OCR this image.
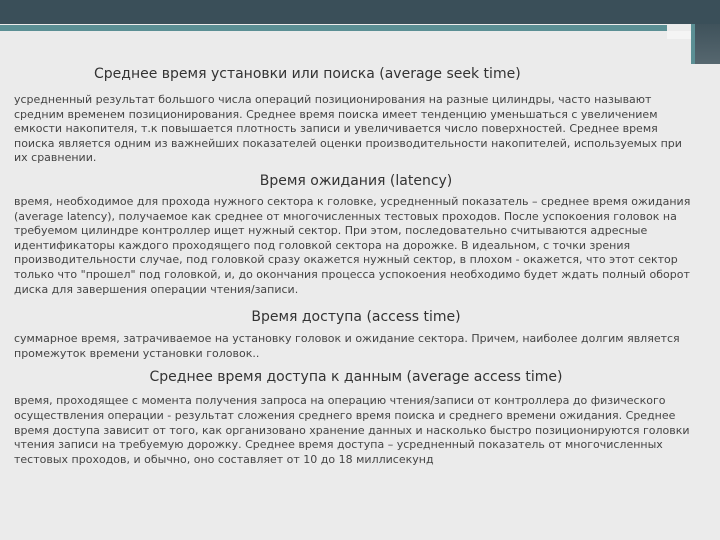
Среднее время установки или поиска (average seek time)

усредненный результат большого числа операций позиционирования на разные цилиндры, часто называют средним временем позиционирования. Среднее время поиска имеет тенденцию уменьшаться с увеличением емкости накопителя, т.к повышается плотность записи и увеличивается число поверхностей. Среднее время поиска является одним из важнейших показателей оценки производительности накопителей, используемых при их сравнении.

Время ожидания (latency)

время, необходимое для прохода нужного сектора к головке, усредненный показатель – среднее время ожидания (average latency), получаемое как среднее от многочисленных тестовых проходов. После успокоения головок на требуемом цилиндре контроллер ищет нужный сектор. При этом, последовательно считываются адресные идентификаторы каждого проходящего под головкой сектора на дорожке. В идеальном, с точки зрения производительности случае, под головкой сразу окажется нужный сектор, в плохом - окажется, что этот сектор только что "прошел" под головкой, и, до окончания процесса успокоения необходимо будет ждать полный оборот диска для завершения операции чтения/записи.

Время доступа (access time)

суммарное время, затрачиваемое на установку головок и ожидание сектора. Причем, наиболее долгим является промежуток времени установки головок..

Среднее время доступа к данным (average access time)

время, проходящее с момента получения запроса на операцию чтения/записи от контроллера до физического осуществления операции - результат сложения среднего время поиска и среднего времени ожидания. Среднее время доступа зависит от того, как организовано хранение данных и насколько быстро позиционируются головки чтения записи на требуемую дорожку. Среднее время доступа – усредненный показатель от многочисленных тестовых проходов, и обычно, оно составляет от 10 до 18 миллисекунд
